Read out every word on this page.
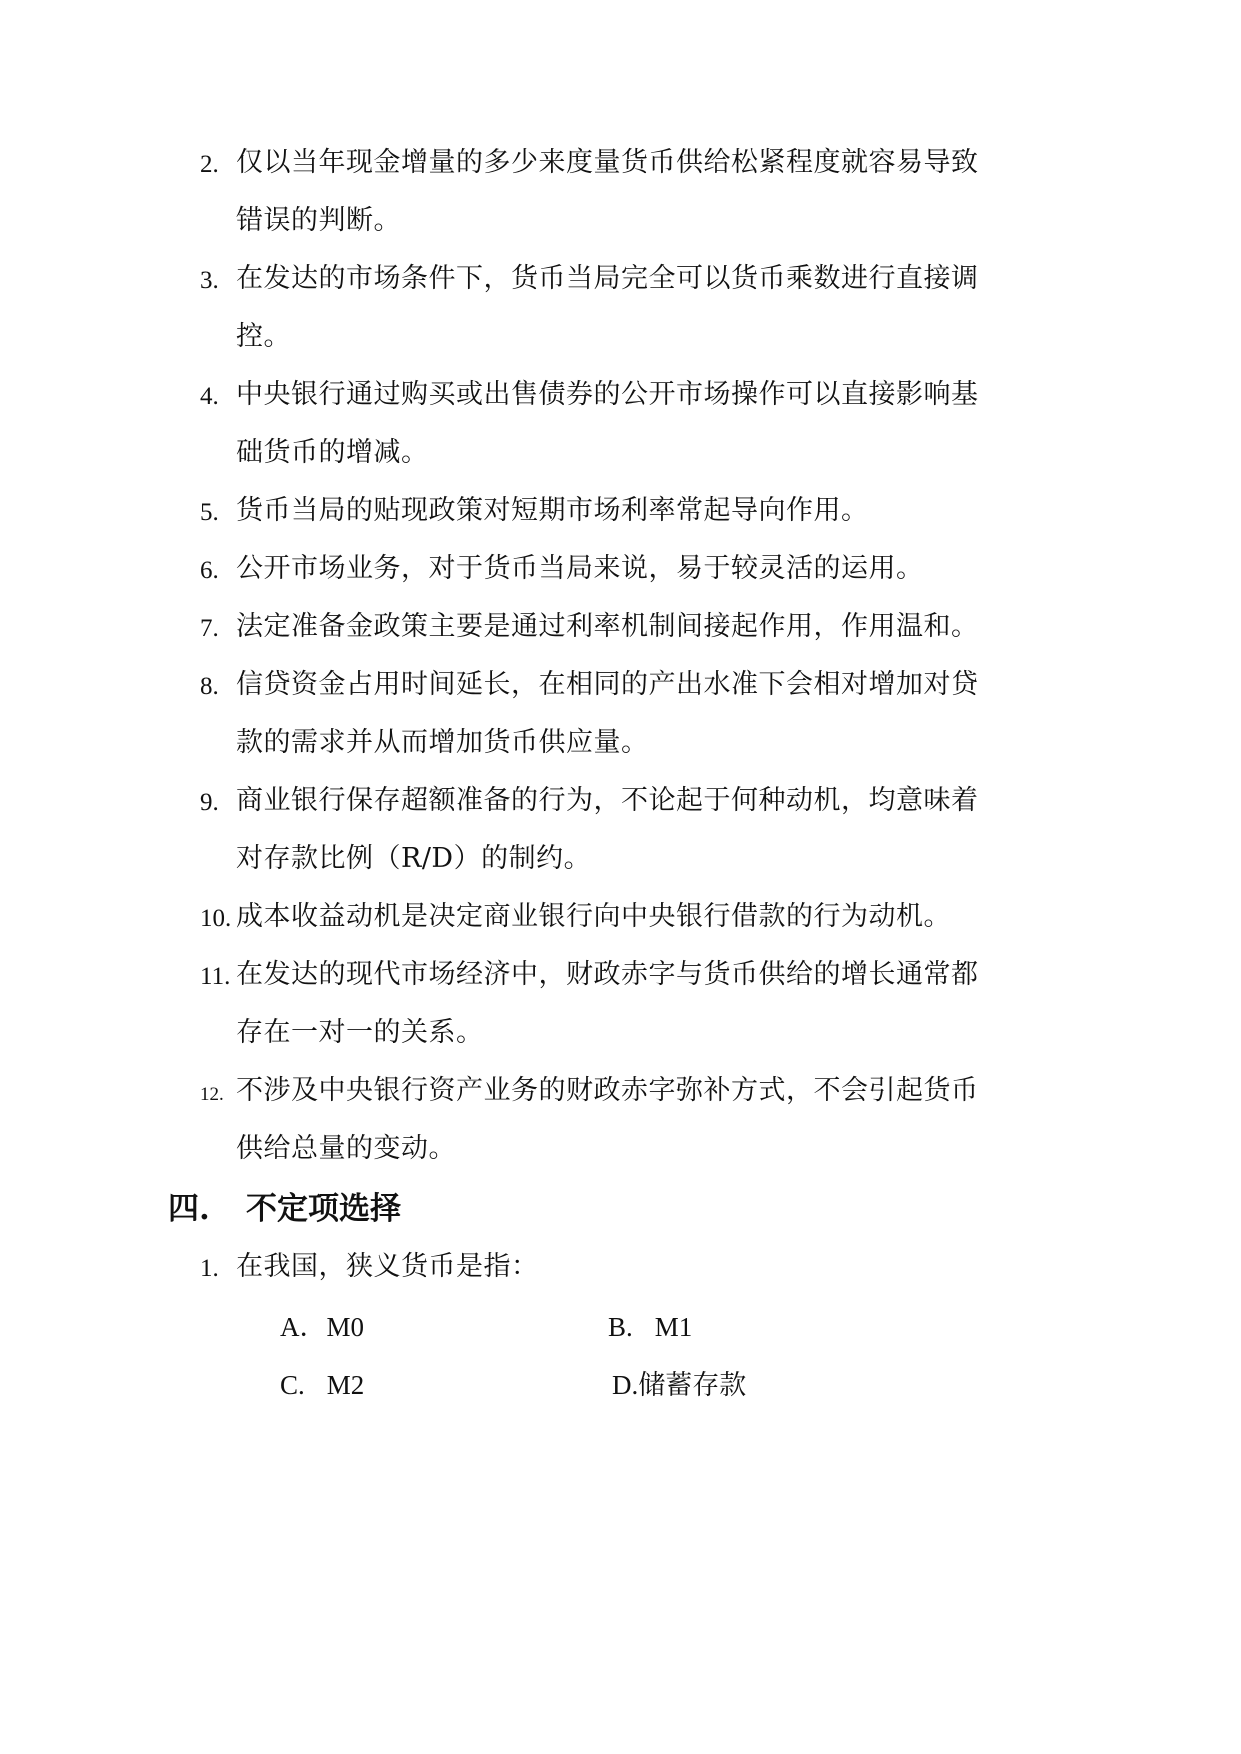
2. 仅以当年现金增量的多少来度量货币供给松紧程度就容易导致
错误的判断。
3. 在发达的市场条件下，货币当局完全可以货币乘数进行直接调
控。
4. 中央银行通过购买或出售债券的公开市场操作可以直接影响基
础货币的增减。
5. 货币当局的贴现政策对短期市场利率常起导向作用。
6. 公开市场业务，对于货币当局来说，易于较灵活的运用。
7. 法定准备金政策主要是通过利率机制间接起作用，作用温和。
8. 信贷资金占用时间延长，在相同的产出水准下会相对增加对贷
款的需求并从而增加货币供应量。
9. 商业银行保存超额准备的行为，不论起于何种动机，均意味着
对存款比例（R/D）的制约。
10. 成本收益动机是决定商业银行向中央银行借款的行为动机。
11. 在发达的现代市场经济中，财政赤字与货币供给的增长通常都
存在一对一的关系。
12. 不涉及中央银行资产业务的财政赤字弥补方式，不会引起货币
供给总量的变动。
四. 不定项选择
1. 在我国，狭义货币是指：
A．M0	B. M1
C. M2	D.储蓄存款
